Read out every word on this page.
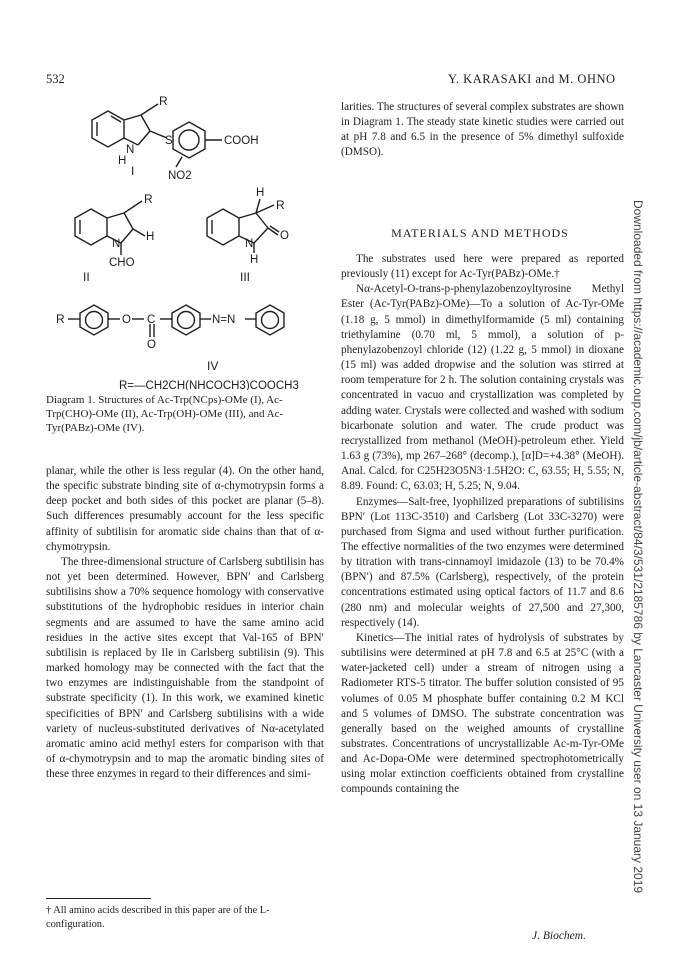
532	Y. KARASAKI and M. OHNO
R
N
H
S	COOH
NO2
I
R
N
H
CHO
II
H
R
N
O
H
III
R	O C
O
N=N
IV
R=—CH2CH(NHCOCH3)COOCH3
Diagram 1. Structures of Ac-Trp(NCps)-OMe (I), Ac-Trp(CHO)-OMe (II), Ac-Trp(OH)-OMe (III), and Ac-Tyr(PABz)-OMe (IV).

planar, while the other is less regular (4). On the other hand, the specific substrate binding site of α-chymotrypsin forms a deep pocket and both sides of this pocket are planar (5–8). Such differences presumably account for the less specific affinity of subtilisin for aromatic side chains than that of α-chymotrypsin.

The three-dimensional structure of Carlsberg subtilisin has not yet been determined. However, BPN′ and Carlsberg subtilisins show a 70% sequence homology with conservative substitutions of the hydrophobic residues in interior chain segments and are assumed to have the same amino acid residues in the active sites except that Val-165 of BPN′ subtilisin is replaced by Ile in Carlsberg subtilisin (9). This marked homology may be connected with the fact that the two enzymes are indistinguishable from the standpoint of substrate specificity (1). In this work, we examined kinetic specificities of BPN′ and Carlsberg subtilisins with a wide variety of nucleus-substituted derivatives of Nα-acetylated aromatic amino acid methyl esters for comparison with that of α-chymotrypsin and to map the aromatic binding sites of these three enzymes in regard to their differences and simi-

† All amino acids described in this paper are of the L-configuration.

larities. The structures of several complex substrates are shown in Diagram 1. The steady state kinetic studies were carried out at pH 7.8 and 6.5 in the presence of 5% dimethyl sulfoxide (DMSO).

MATERIALS AND METHODS

The substrates used here were prepared as reported previously (11) except for Ac-Tyr(PABz)-OMe.†

Nα-Acetyl-O-trans-p-phenylazobenzoyltyrosine Methyl Ester (Ac-Tyr(PABz)-OMe)—To a solution of Ac-Tyr-OMe (1.18 g, 5 mmol) in dimethylformamide (5 ml) containing triethylamine (0.70 ml, 5 mmol), a solution of p-phenylazobenzoyl chloride (12) (1.22 g, 5 mmol) in dioxane (15 ml) was added dropwise and the solution was stirred at room temperature for 2 h. The solution containing crystals was concentrated in vacuo and crystallization was completed by adding water. Crystals were collected and washed with sodium bicarbonate solution and water. The crude product was recrystallized from methanol (MeOH)-petroleum ether. Yield 1.63 g (73%), mp 267–268° (decomp.), [α]D=+4.38° (MeOH). Anal. Calcd. for C25H23O5N3·1.5H2O: C, 63.55; H, 5.55; N, 8.89. Found: C, 63.03; H, 5.25; N, 9.04.

Enzymes—Salt-free, lyophilized preparations of subtilisins BPN′ (Lot 113C-3510) and Carlsberg (Lot 33C-3270) were purchased from Sigma and used without further purification. The effective normalities of the two enzymes were determined by titration with trans-cinnamoyl imidazole (13) to be 70.4% (BPN′) and 87.5% (Carlsberg), respectively, of the protein concentrations estimated using optical factors of 11.7 and 8.6 (280 nm) and molecular weights of 27,500 and 27,300, respectively (14).

Kinetics—The initial rates of hydrolysis of substrates by subtilisins were determined at pH 7.8 and 6.5 at 25°C (with a water-jacketed cell) under a stream of nitrogen using a Radiometer RTS-5 titrator. The buffer solution consisted of 95 volumes of 0.05 M phosphate buffer containing 0.2 M KCl and 5 volumes of DMSO. The substrate concentration was generally based on the weighed amounts of crystalline substrates. Concentrations of uncrystallizable Ac-m-Tyr-OMe and Ac-Dopa-OMe were determined spectrophotometrically using molar extinction coefficients obtained from crystalline compounds containing the

J. Biochem.
Downloaded from https://academic.oup.com/jb/article-abstract/84/3/531/2185786 by Lancaster University user on 13 January 2019
